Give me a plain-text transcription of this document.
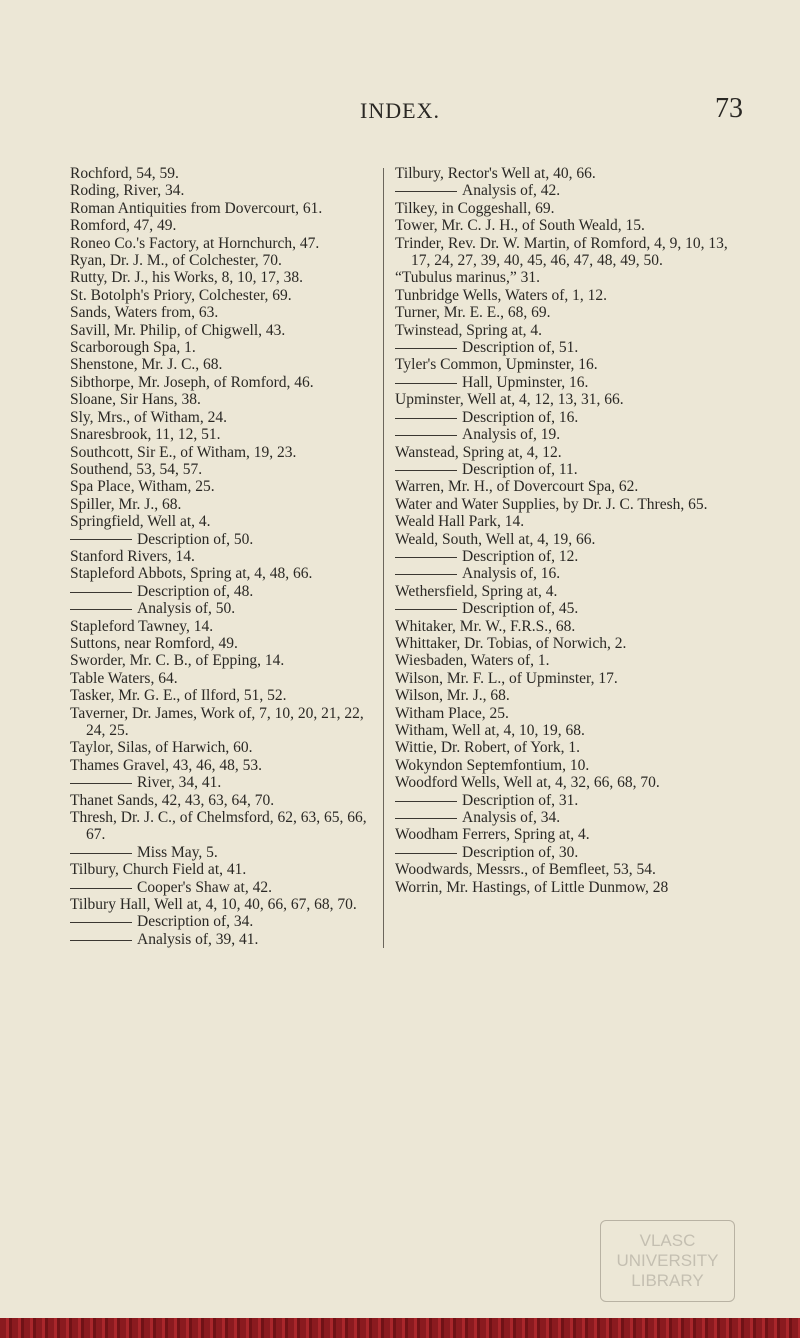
INDEX.	73
Rochford, 54, 59.
Roding, River, 34.
Roman Antiquities from Dovercourt, 61.
Romford, 47, 49.
Roneo Co.'s Factory, at Hornchurch, 47.
Ryan, Dr. J. M., of Colchester, 70.
Rutty, Dr. J., his Works, 8, 10, 17, 38.
St. Botolph's Priory, Colchester, 69.
Sands, Waters from, 63.
Savill, Mr. Philip, of Chigwell, 43.
Scarborough Spa, 1.
Shenstone, Mr. J. C., 68.
Sibthorpe, Mr. Joseph, of Romford, 46.
Sloane, Sir Hans, 38.
Sly, Mrs., of Witham, 24.
Snaresbrook, 11, 12, 51.
Southcott, Sir E., of Witham, 19, 23.
Southend, 53, 54, 57.
Spa Place, Witham, 25.
Spiller, Mr. J., 68.
Springfield, Well at, 4.
Description of, 50.
Stanford Rivers, 14.
Stapleford Abbots, Spring at, 4, 48, 66.
Description of, 48.
Analysis of, 50.
Stapleford Tawney, 14.
Suttons, near Romford, 49.
Sworder, Mr. C. B., of Epping, 14.
Table Waters, 64.
Tasker, Mr. G. E., of Ilford, 51, 52.
Taverner, Dr. James, Work of, 7, 10, 20, 21, 22, 24, 25.
Taylor, Silas, of Harwich, 60.
Thames Gravel, 43, 46, 48, 53.
River, 34, 41.
Thanet Sands, 42, 43, 63, 64, 70.
Thresh, Dr. J. C., of Chelmsford, 62, 63, 65, 66, 67.
Miss May, 5.
Tilbury, Church Field at, 41.
Cooper's Shaw at, 42.
Tilbury Hall, Well at, 4, 10, 40, 66, 67, 68, 70.
Description of, 34.
Analysis of, 39, 41.
Tilbury, Rector's Well at, 40, 66.
Analysis of, 42.
Tilkey, in Coggeshall, 69.
Tower, Mr. C. J. H., of South Weald, 15.
Trinder, Rev. Dr. W. Martin, of Romford, 4, 9, 10, 13, 17, 24, 27, 39, 40, 45, 46, 47, 48, 49, 50.
“Tubulus marinus,” 31.
Tunbridge Wells, Waters of, 1, 12.
Turner, Mr. E. E., 68, 69.
Twinstead, Spring at, 4.
Description of, 51.
Tyler's Common, Upminster, 16.
Hall, Upminster, 16.
Upminster, Well at, 4, 12, 13, 31, 66.
Description of, 16.
Analysis of, 19.
Wanstead, Spring at, 4, 12.
Description of, 11.
Warren, Mr. H., of Dovercourt Spa, 62.
Water and Water Supplies, by Dr. J. C. Thresh, 65.
Weald Hall Park, 14.
Weald, South, Well at, 4, 19, 66.
Description of, 12.
Analysis of, 16.
Wethersfield, Spring at, 4.
Description of, 45.
Whitaker, Mr. W., F.R.S., 68.
Whittaker, Dr. Tobias, of Norwich, 2.
Wiesbaden, Waters of, 1.
Wilson, Mr. F. L., of Upminster, 17.
Wilson, Mr. J., 68.
Witham Place, 25.
Witham, Well at, 4, 10, 19, 68.
Wittie, Dr. Robert, of York, 1.
Wokyndon Septemfontium, 10.
Woodford Wells, Well at, 4, 32, 66, 68, 70.
Description of, 31.
Analysis of, 34.
Woodham Ferrers, Spring at, 4.
Description of, 30.
Woodwards, Messrs., of Bemfleet, 53, 54.
Worrin, Mr. Hastings, of Little Dunmow, 28
VLASC
UNIVERSITY
LIBRARY
